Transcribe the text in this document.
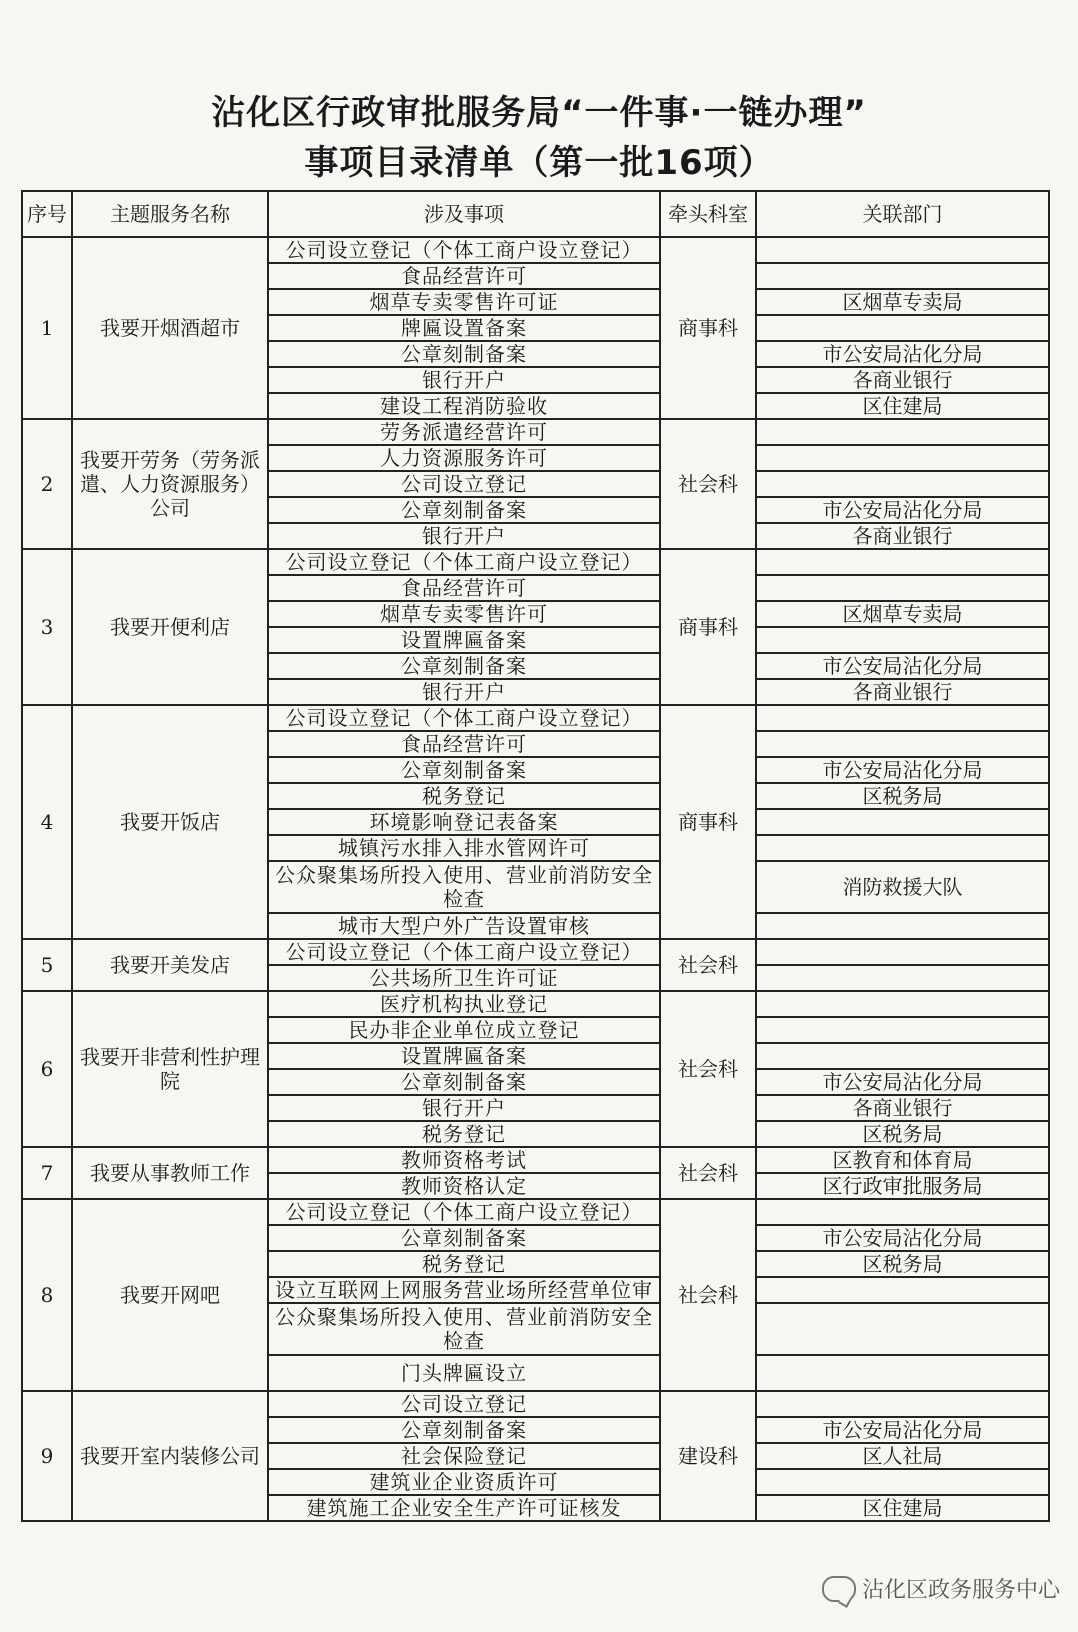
沾化区行政审批服务局“一件事·一链办理”
事项目录清单（第一批16项）
序号	主题服务名称	涉及事项	牵头科室	关联部门
1	我要开烟酒超市	公司设立登记（个体工商户设立登记）	商事科	
		食品经营许可		
		烟草专卖零售许可证		区烟草专卖局
		牌匾设置备案		
		公章刻制备案		市公安局沾化分局
		银行开户		各商业银行
		建设工程消防验收		区住建局
2	我要开劳务（劳务派遣、人力资源服务）公司	劳务派遣经营许可	社会科	
		人力资源服务许可		
		公司设立登记		
		公章刻制备案		市公安局沾化分局
		银行开户		各商业银行
3	我要开便利店	公司设立登记（个体工商户设立登记）	商事科	
		食品经营许可		
		烟草专卖零售许可		区烟草专卖局
		设置牌匾备案		
		公章刻制备案		市公安局沾化分局
		银行开户		各商业银行
4	我要开饭店	公司设立登记（个体工商户设立登记）	商事科	
		食品经营许可		
		公章刻制备案		市公安局沾化分局
		税务登记		区税务局
		环境影响登记表备案		
		城镇污水排入排水管网许可		
		公众聚集场所投入使用、营业前消防安全检查		消防救援大队
		城市大型户外广告设置审核		
5	我要开美发店	公司设立登记（个体工商户设立登记）	社会科	
		公共场所卫生许可证		
6	我要开非营利性护理院	医疗机构执业登记	社会科	
		民办非企业单位成立登记		
		设置牌匾备案		
		公章刻制备案		市公安局沾化分局
		银行开户		各商业银行
		税务登记		区税务局
7	我要从事教师工作	教师资格考试	社会科	区教育和体育局
		教师资格认定		区行政审批服务局
8	我要开网吧	公司设立登记（个体工商户设立登记）	社会科	
		公章刻制备案		市公安局沾化分局
		税务登记		区税务局
		设立互联网上网服务营业场所经营单位审		
		公众聚集场所投入使用、营业前消防安全检查		
		门头牌匾设立		
9	我要开室内装修公司	公司设立登记	建设科	
		公章刻制备案		市公安局沾化分局
		社会保险登记		区人社局
		建筑业企业资质许可		
		建筑施工企业安全生产许可证核发		区住建局
沾化区政务服务中心
